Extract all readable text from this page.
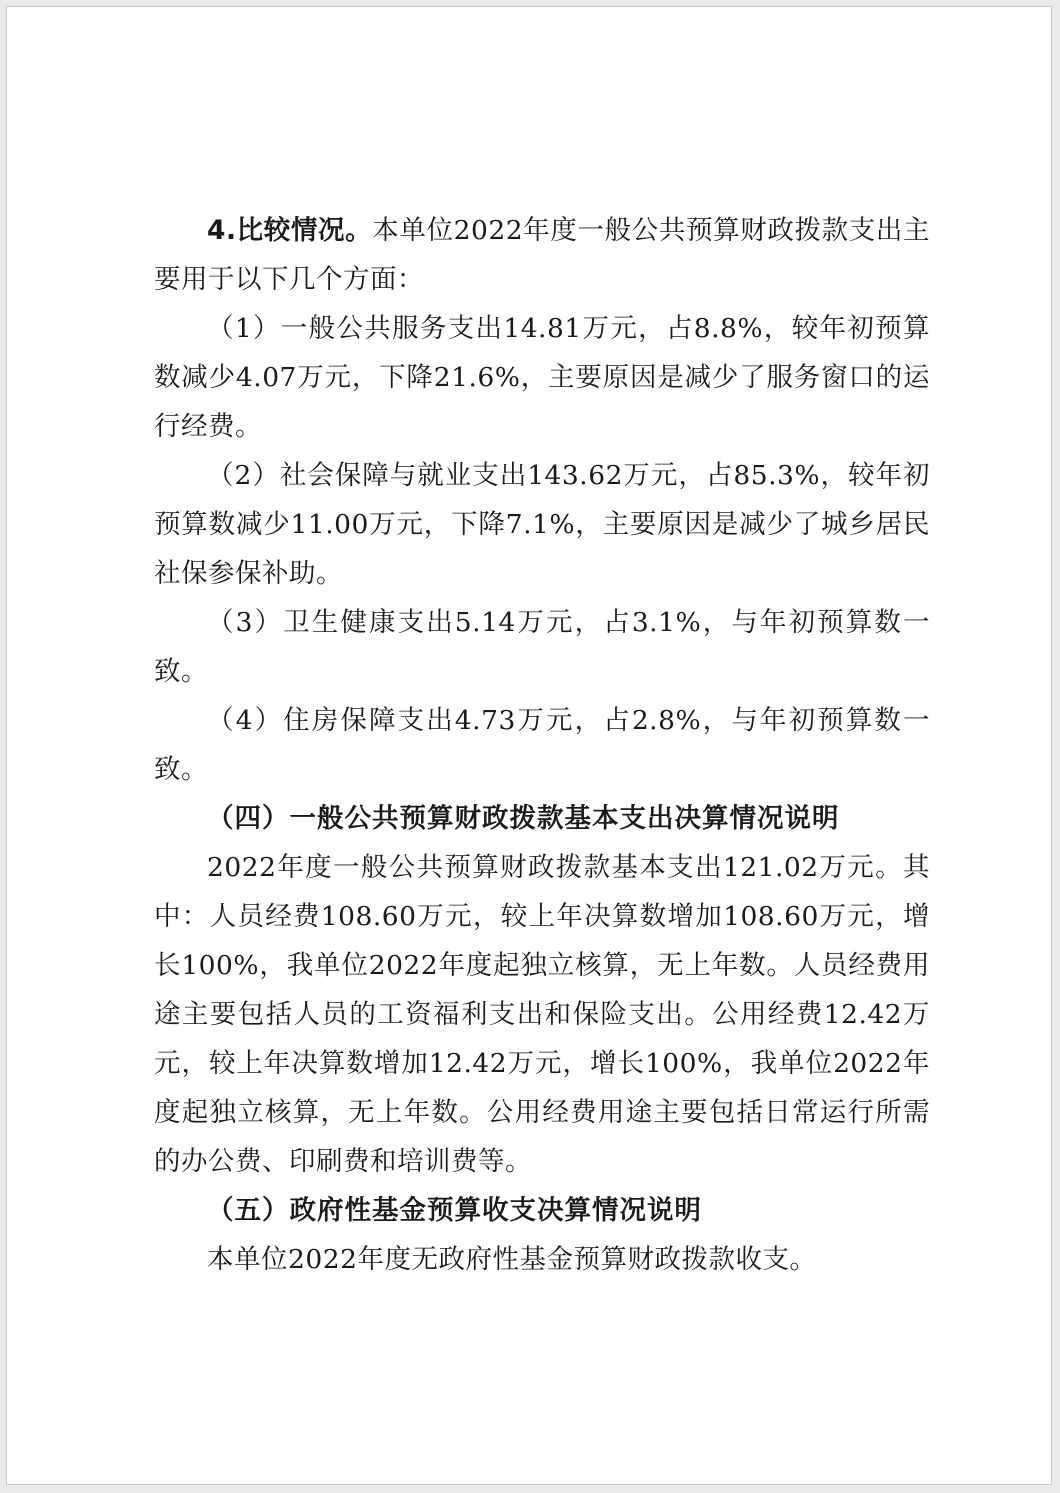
4.比较情况。本单位2022年度一般公共预算财政拨款支出主要用于以下几个方面：

（1）一般公共服务支出14.81万元，占8.8%，较年初预算数减少4.07万元，下降21.6%，主要原因是减少了服务窗口的运行经费。

（2）社会保障与就业支出143.62万元，占85.3%，较年初预算数减少11.00万元，下降7.1%，主要原因是减少了城乡居民社保参保补助。

（3）卫生健康支出5.14万元，占3.1%，与年初预算数一致。

（4）住房保障支出4.73万元，占2.8%，与年初预算数一致。

（四）一般公共预算财政拨款基本支出决算情况说明

2022年度一般公共预算财政拨款基本支出121.02万元。其中：人员经费108.60万元，较上年决算数增加108.60万元，增长100%，我单位2022年度起独立核算，无上年数。人员经费用途主要包括人员的工资福利支出和保险支出。公用经费12.42万元，较上年决算数增加12.42万元，增长100%，我单位2022年度起独立核算，无上年数。公用经费用途主要包括日常运行所需的办公费、印刷费和培训费等。

（五）政府性基金预算收支决算情况说明

本单位2022年度无政府性基金预算财政拨款收支。
